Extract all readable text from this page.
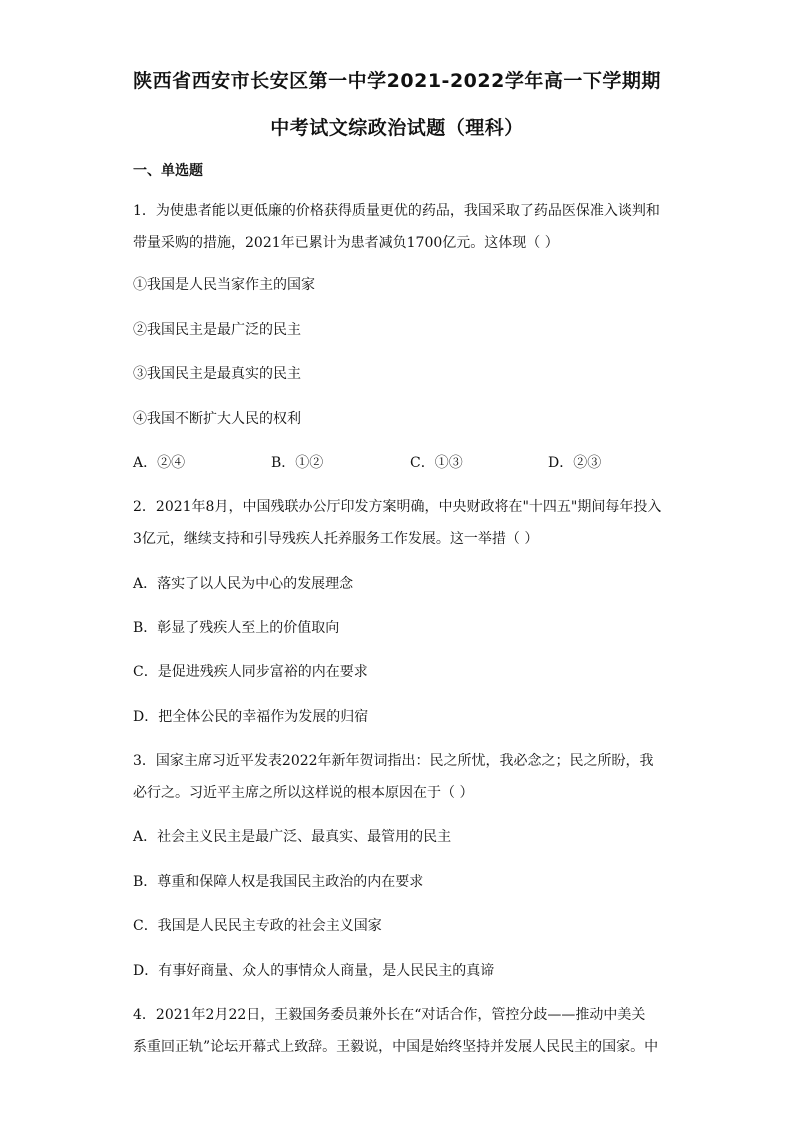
陕西省西安市长安区第一中学2021-2022学年高一下学期期
中考试文综政治试题（理科）
一、单选题
1．为使患者能以更低廉的价格获得质量更优的药品，我国采取了药品医保准入谈判和
带量采购的措施，2021年已累计为患者减负1700亿元。这体现（ ）
①我国是人民当家作主的国家
②我国民主是最广泛的民主
③我国民主是最真实的民主
④我国不断扩大人民的权利
A．②④	B．①②	C．①③	D．②③
2．2021年8月，中国残联办公厅印发方案明确，中央财政将在"十四五"期间每年投入
3亿元，继续支持和引导残疾人托养服务工作发展。这一举措（ ）
A．落实了以人民为中心的发展理念
B．彰显了残疾人至上的价值取向
C．是促进残疾人同步富裕的内在要求
D．把全体公民的幸福作为发展的归宿
3．国家主席习近平发表2022年新年贺词指出：民之所忧，我必念之；民之所盼，我
必行之。习近平主席之所以这样说的根本原因在于（ ）
A．社会主义民主是最广泛、最真实、最管用的民主
B．尊重和保障人权是我国民主政治的内在要求
C．我国是人民民主专政的社会主义国家
D．有事好商量、众人的事情众人商量，是人民民主的真谛
4．2021年2月22日，王毅国务委员兼外长在“对话合作，管控分歧——推动中美关
系重回正轨”论坛开幕式上致辞。王毅说，中国是始终坚持并发展人民民主的国家。中
